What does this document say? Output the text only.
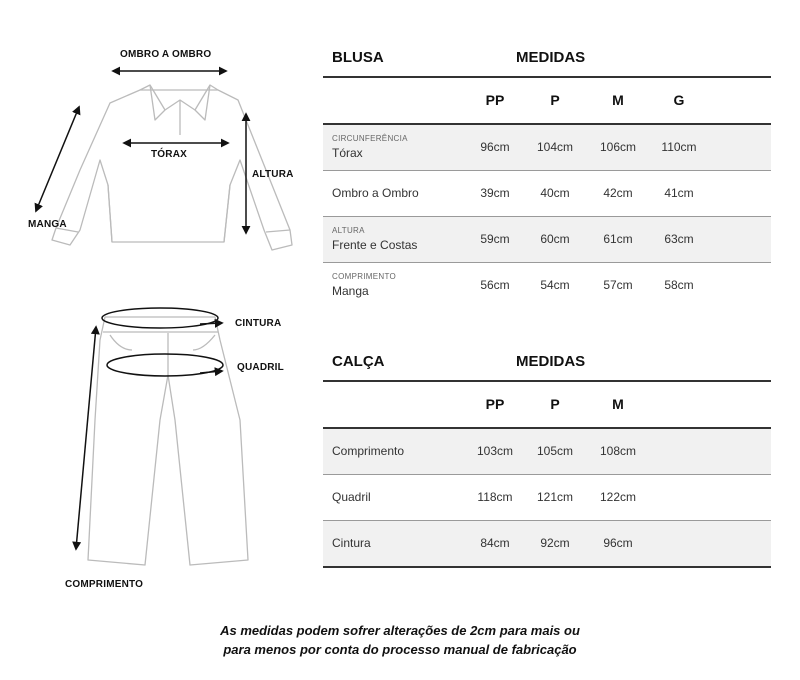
OMBRO A OMBRO
TÓRAX
ALTURA
MANGA
CINTURA
QUADRIL
COMPRIMENTO
BLUSA	MEDIDAS
PP	P	M	G
CIRCUNFERÊNCIA
Tórax	96cm	104cm	106cm	110cm
Ombro a Ombro	39cm	40cm	42cm	41cm
ALTURA
Frente e Costas	59cm	60cm	61cm	63cm
COMPRIMENTO
Manga	56cm	54cm	57cm	58cm
CALÇA	MEDIDAS
PP	P	M
Comprimento	103cm	105cm	108cm
Quadril	118cm	121cm	122cm
Cintura	84cm	92cm	96cm
As medidas podem sofrer alterações de 2cm para mais ou
para menos por conta do processo manual de fabricação
